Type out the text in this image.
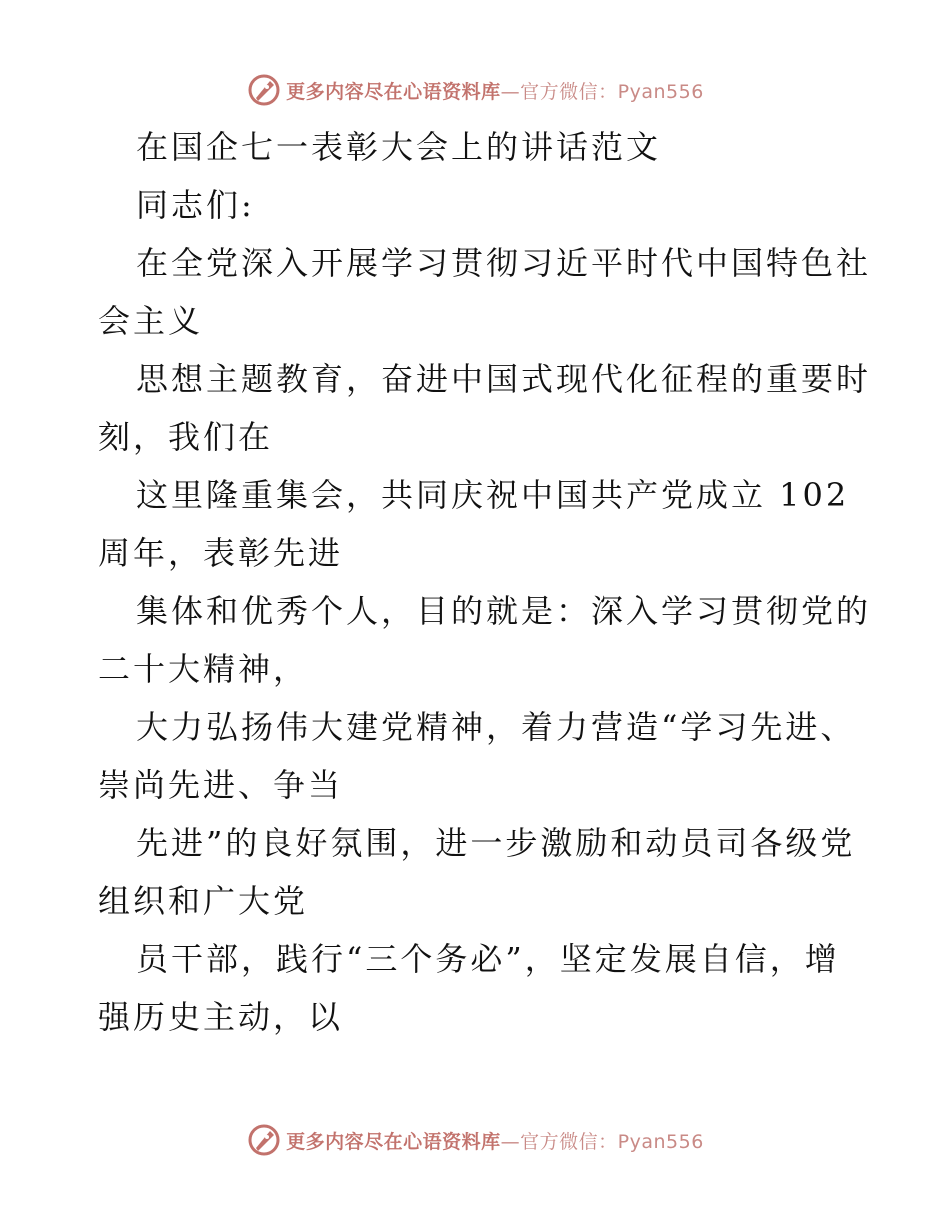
更多内容尽在心语资料库—官方微信：Pyan556
在国企七一表彰大会上的讲话范文
同志们:
在全党深入开展学习贯彻习近平时代中国特色社
会主义
思想主题教育，奋进中国式现代化征程的重要时
刻，我们在
这里隆重集会，共同庆祝中国共产党成立 102
周年，表彰先进
集体和优秀个人，目的就是：深入学习贯彻党的
二十大精神，
大力弘扬伟大建党精神，着力营造“学习先进、
崇尚先进、争当
先进”的良好氛围，进一步激励和动员司各级党
组织和广大党
员干部，践行“三个务必”，坚定发展自信，增
强历史主动，以
更多内容尽在心语资料库—官方微信：Pyan556
